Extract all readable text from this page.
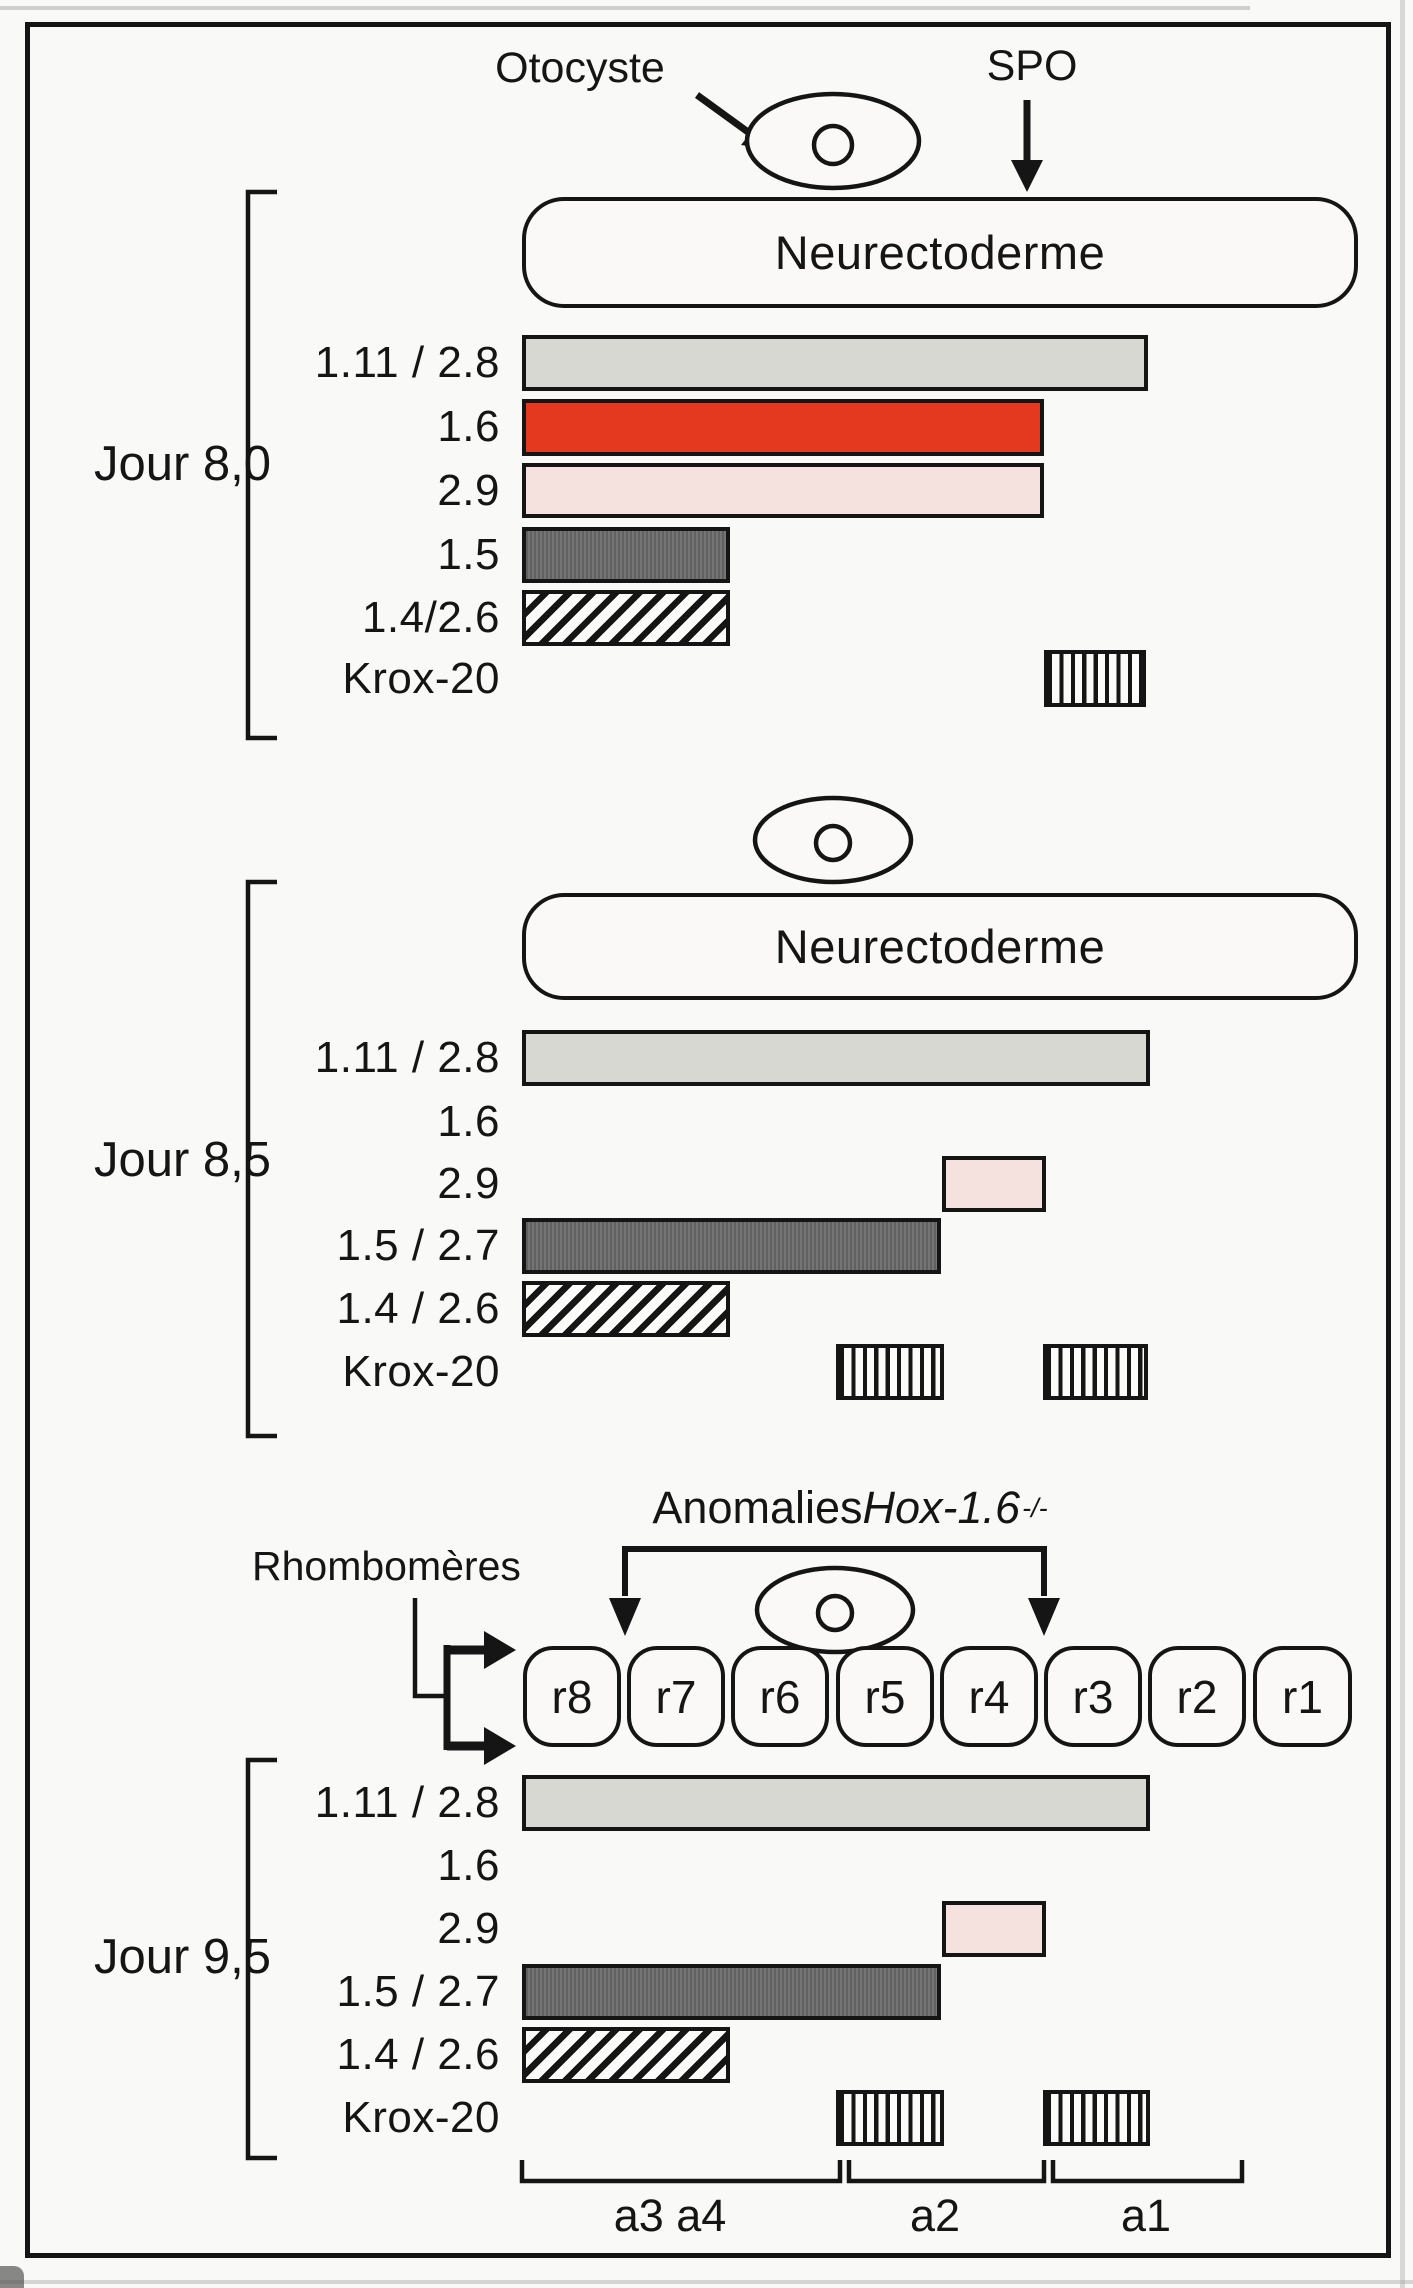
Otocyste	SPO
Jour 8,0
Neurectoderme
1.11 / 2.8
1.6
2.9
1.5
1.4/2.6
Krox-20
Jour 8,5
Neurectoderme
1.11 / 2.8
1.6
2.9
1.5 / 2.7
1.4 / 2.6
Krox-20
Anomalies Hox-1.6 -/-
Rhombomères
r8 r7 r6 r5 r4 r3 r2 r1
Jour 9,5
1.11 / 2.8
1.6
2.9
1.5 / 2.7
1.4 / 2.6
Krox-20
a3 a4	a2	a1
